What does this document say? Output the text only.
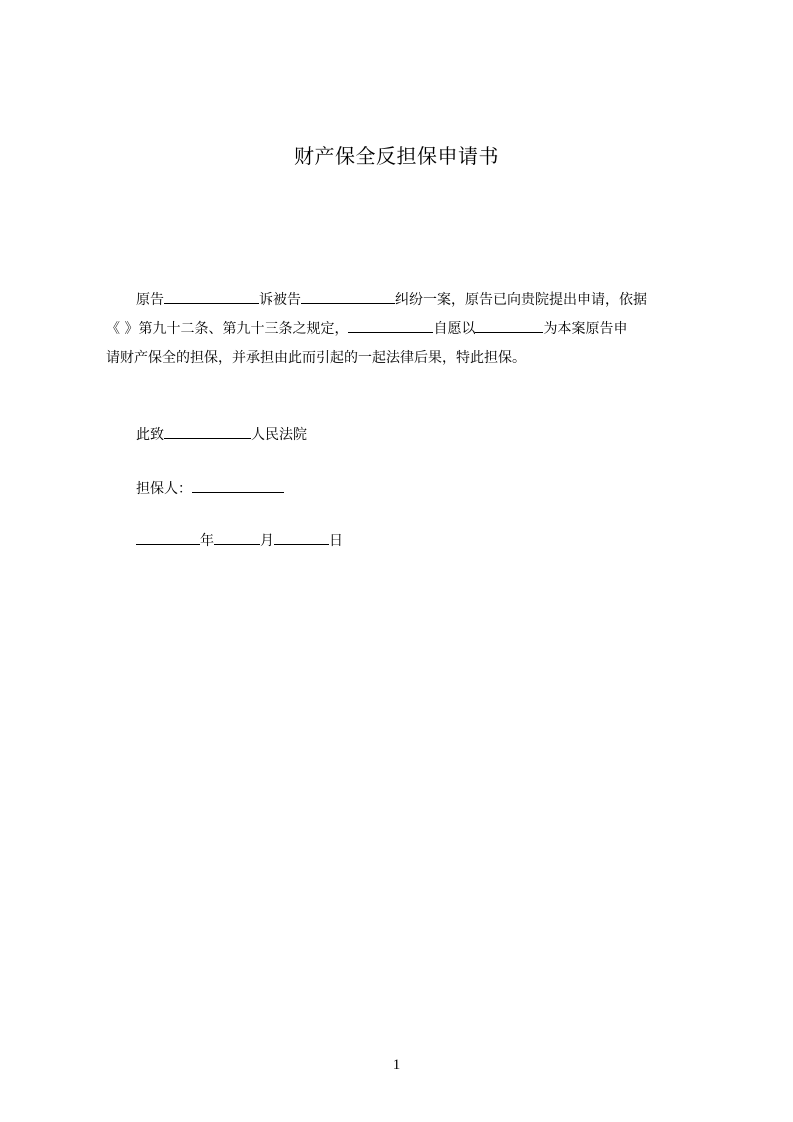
财产保全反担保申请书
原告	诉被告	纠纷一案，原告已向贵院提出申请，依据
《 》第九十二条、第九十三条之规定，	自愿以	为本案原告申
请财产保全的担保，并承担由此而引起的一起法律后果，特此担保。
此致	人民法院
担保人：
年	月	日
1
